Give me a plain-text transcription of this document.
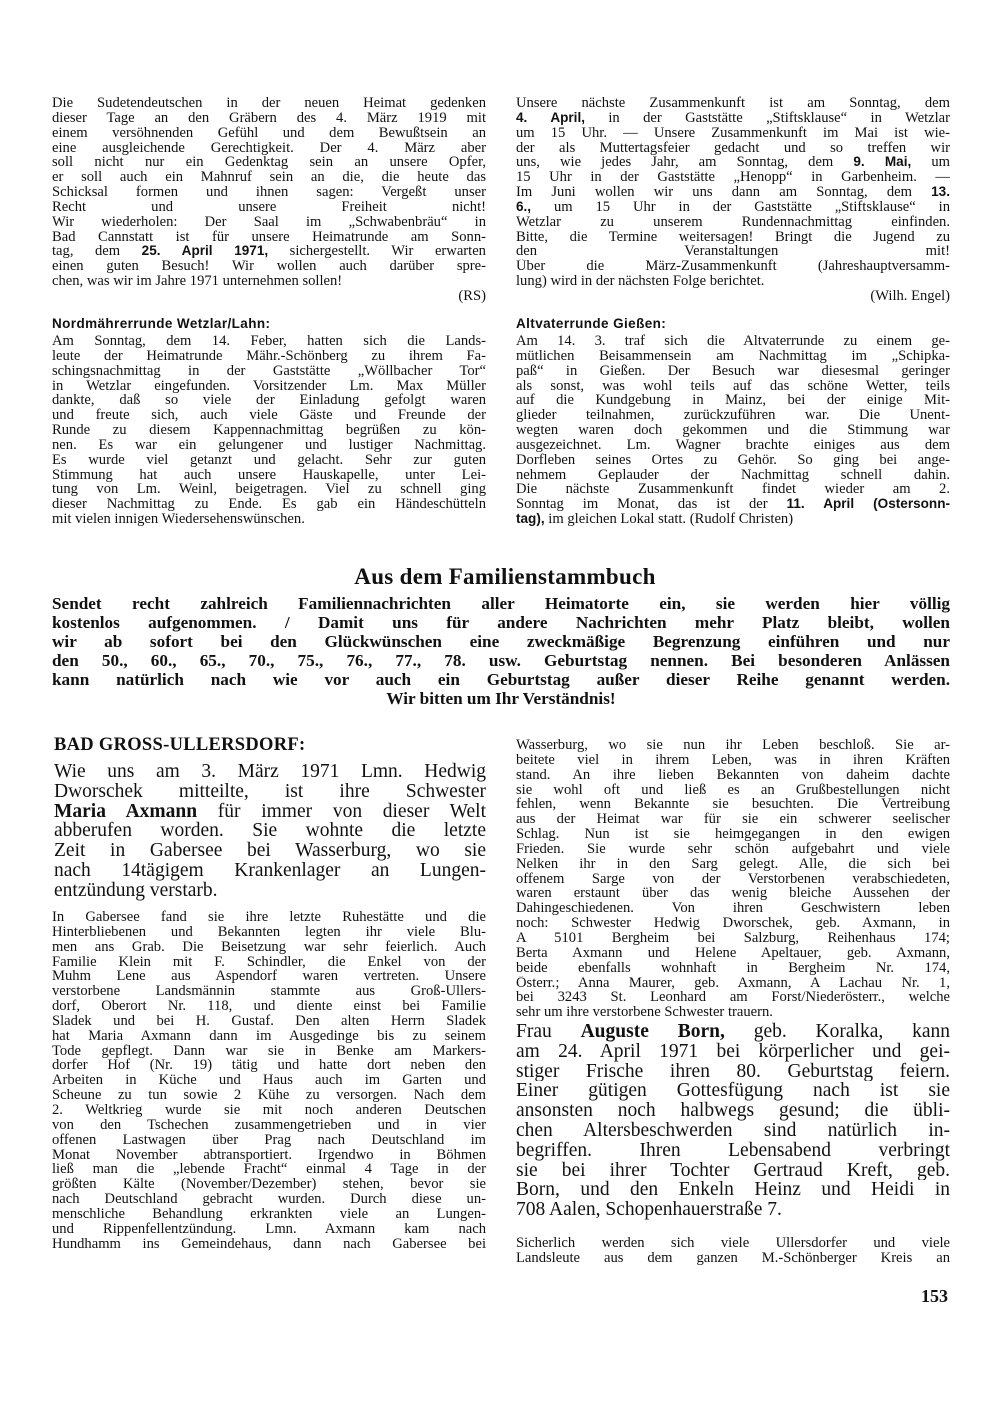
Die Sudetendeutschen in der neuen Heimat gedenken
dieser Tage an den Gräbern des 4. März 1919 mit
einem versöhnenden Gefühl und dem Bewußtsein an
eine ausgleichende Gerechtigkeit. Der 4. März aber
soll nicht nur ein Gedenktag sein an unsere Opfer,
er soll auch ein Mahnruf sein an die, die heute das
Schicksal formen und ihnen sagen: Vergeßt unser
Recht und unsere Freiheit nicht!
Wir wiederholen: Der Saal im „Schwabenbräu“ in
Bad Cannstatt ist für unsere Heimatrunde am Sonn-
tag, dem 25. April 1971, sichergestellt. Wir erwarten
einen guten Besuch! Wir wollen auch darüber spre-
chen, was wir im Jahre 1971 unternehmen sollen!
(RS)
Nordmährerrunde Wetzlar/Lahn:
Am Sonntag, dem 14. Feber, hatten sich die Lands-
leute der Heimatrunde Mähr.-Schönberg zu ihrem Fa-
schingsnachmittag in der Gaststätte „Wöllbacher Tor“
in Wetzlar eingefunden. Vorsitzender Lm. Max Müller
dankte, daß so viele der Einladung gefolgt waren
und freute sich, auch viele Gäste und Freunde der
Runde zu diesem Kappennachmittag begrüßen zu kön-
nen. Es war ein gelungener und lustiger Nachmittag.
Es wurde viel getanzt und gelacht. Sehr zur guten
Stimmung hat auch unsere Hauskapelle, unter Lei-
tung von Lm. Weinl, beigetragen. Viel zu schnell ging
dieser Nachmittag zu Ende. Es gab ein Händeschütteln
mit vielen innigen Wiedersehenswünschen.
Unsere nächste Zusammenkunft ist am Sonntag, dem
4. April, in der Gaststätte „Stiftsklause“ in Wetzlar
um 15 Uhr. — Unsere Zusammenkunft im Mai ist wie-
der als Muttertagsfeier gedacht und so treffen wir
uns, wie jedes Jahr, am Sonntag, dem 9. Mai, um
15 Uhr in der Gaststätte „Henopp“ in Garbenheim. —
Im Juni wollen wir uns dann am Sonntag, dem 13.
6., um 15 Uhr in der Gaststätte „Stiftsklause“ in
Wetzlar zu unserem Rundennachmittag einfinden.
Bitte, die Termine weitersagen! Bringt die Jugend zu
den Veranstaltungen mit!
Über die März-Zusammenkunft (Jahreshauptversamm-
lung) wird in der nächsten Folge berichtet.
(Wilh. Engel)
Altvaterrunde Gießen:
Am 14. 3. traf sich die Altvaterrunde zu einem ge-
mütlichen Beisammensein am Nachmittag im „Schipka-
paß“ in Gießen. Der Besuch war diesesmal geringer
als sonst, was wohl teils auf das schöne Wetter, teils
auf die Kundgebung in Mainz, bei der einige Mit-
glieder teilnahmen, zurückzuführen war. Die Unent-
wegten waren doch gekommen und die Stimmung war
ausgezeichnet. Lm. Wagner brachte einiges aus dem
Dorfleben seines Ortes zu Gehör. So ging bei ange-
nehmem Geplauder der Nachmittag schnell dahin.
Die nächste Zusammenkunft findet wieder am 2.
Sonntag im Monat, das ist der 11. April (Ostersonn-
tag), im gleichen Lokal statt. (Rudolf Christen)
Aus dem Familienstammbuch
Sendet recht zahlreich Familiennachrichten aller Heimatorte ein, sie werden hier völlig
kostenlos aufgenommen. / Damit uns für andere Nachrichten mehr Platz bleibt, wollen
wir ab sofort bei den Glückwünschen eine zweckmäßige Begrenzung einführen und nur
den 50., 60., 65., 70., 75., 76., 77., 78. usw. Geburtstag nennen. Bei besonderen Anlässen
kann natürlich nach wie vor auch ein Geburtstag außer dieser Reihe genannt werden.
Wir bitten um Ihr Verständnis!
BAD GROSS-ULLERSDORF:
Wie uns am 3. März 1971 Lmn. Hedwig
Dworschek mitteilte, ist ihre Schwester
Maria Axmann für immer von dieser Welt
abberufen worden. Sie wohnte die letzte
Zeit in Gabersee bei Wasserburg, wo sie
nach 14tägigem Krankenlager an Lungen-
entzündung verstarb.
In Gabersee fand sie ihre letzte Ruhestätte und die
Hinterbliebenen und Bekannten legten ihr viele Blu-
men ans Grab. Die Beisetzung war sehr feierlich. Auch
Familie Klein mit F. Schindler, die Enkel von der
Muhm Lene aus Aspendorf waren vertreten. Unsere
verstorbene Landsmännin stammte aus Groß-Ullers-
dorf, Oberort Nr. 118, und diente einst bei Familie
Sladek und bei H. Gustaf. Den alten Herrn Sladek
hat Maria Axmann dann im Ausgedinge bis zu seinem
Tode gepflegt. Dann war sie in Benke am Markers-
dorfer Hof (Nr. 19) tätig und hatte dort neben den
Arbeiten in Küche und Haus auch im Garten und
Scheune zu tun sowie 2 Kühe zu versorgen. Nach dem
2. Weltkrieg wurde sie mit noch anderen Deutschen
von den Tschechen zusammengetrieben und in vier
offenen Lastwagen über Prag nach Deutschland im
Monat November abtransportiert. Irgendwo in Böhmen
ließ man die „lebende Fracht“ einmal 4 Tage in der
größten Kälte (November/Dezember) stehen, bevor sie
nach Deutschland gebracht wurden. Durch diese un-
menschliche Behandlung erkrankten viele an Lungen-
und Rippenfellentzündung. Lmn. Axmann kam nach
Hundhamm ins Gemeindehaus, dann nach Gabersee bei
Wasserburg, wo sie nun ihr Leben beschloß. Sie ar-
beitete viel in ihrem Leben, was in ihren Kräften
stand. An ihre lieben Bekannten von daheim dachte
sie wohl oft und ließ es an Grußbestellungen nicht
fehlen, wenn Bekannte sie besuchten. Die Vertreibung
aus der Heimat war für sie ein schwerer seelischer
Schlag. Nun ist sie heimgegangen in den ewigen
Frieden. Sie wurde sehr schön aufgebahrt und viele
Nelken ihr in den Sarg gelegt. Alle, die sich bei
offenem Sarge von der Verstorbenen verabschiedeten,
waren erstaunt über das wenig bleiche Aussehen der
Dahingeschiedenen. Von ihren Geschwistern leben
noch: Schwester Hedwig Dworschek, geb. Axmann, in
A 5101 Bergheim bei Salzburg, Reihenhaus 174;
Berta Axmann und Helene Apeltauer, geb. Axmann,
beide ebenfalls wohnhaft in Bergheim Nr. 174,
Österr.; Anna Maurer, geb. Axmann, A Lachau Nr. 1,
bei 3243 St. Leonhard am Forst/Niederösterr., welche
sehr um ihre verstorbene Schwester trauern.
Frau Auguste Born, geb. Koralka, kann
am 24. April 1971 bei körperlicher und gei-
stiger Frische ihren 80. Geburtstag feiern.
Einer gütigen Gottesfügung nach ist sie
ansonsten noch halbwegs gesund; die übli-
chen Altersbeschwerden sind natürlich in-
begriffen. Ihren Lebensabend verbringt
sie bei ihrer Tochter Gertraud Kreft, geb.
Born, und den Enkeln Heinz und Heidi in
708 Aalen, Schopenhauerstraße 7.
Sicherlich werden sich viele Ullersdorfer und viele
Landsleute aus dem ganzen M.-Schönberger Kreis an
153
